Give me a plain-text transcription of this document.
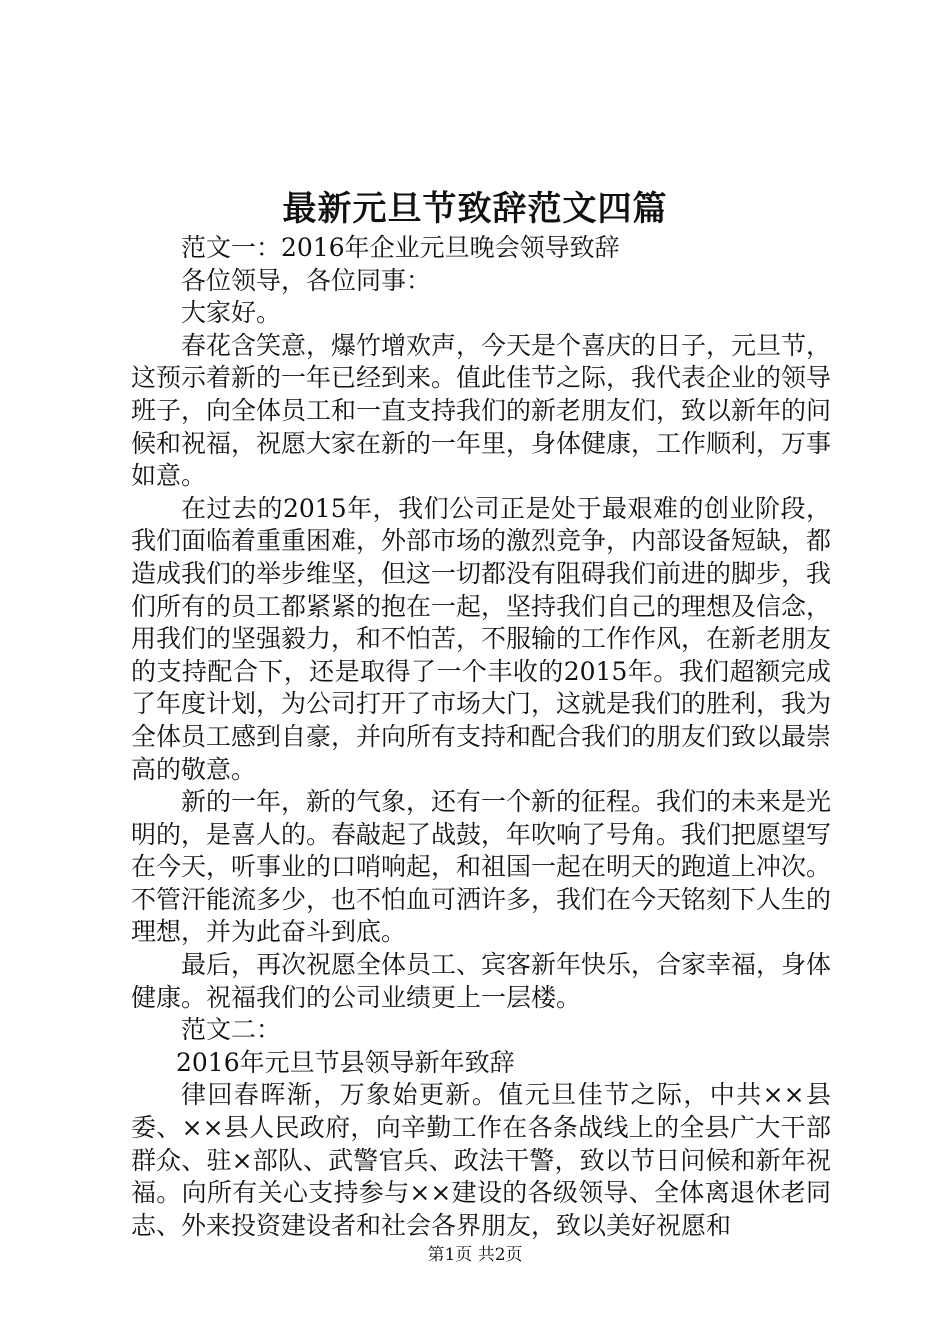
最新元旦节致辞范文四篇

范文一：2016年企业元旦晚会领导致辞

各位领导，各位同事：

大家好。

春花含笑意，爆竹增欢声，今天是个喜庆的日子，元旦节，这预示着新的一年已经到来。值此佳节之际，我代表企业的领导班子，向全体员工和一直支持我们的新老朋友们，致以新年的问候和祝福，祝愿大家在新的一年里，身体健康，工作顺利，万事如意。

在过去的2015年，我们公司正是处于最艰难的创业阶段，我们面临着重重困难，外部市场的激烈竞争，内部设备短缺，都造成我们的举步维坚，但这一切都没有阻碍我们前进的脚步，我们所有的员工都紧紧的抱在一起，坚持我们自己的理想及信念，用我们的坚强毅力，和不怕苦，不服输的工作作风，在新老朋友的支持配合下，还是取得了一个丰收的2015年。我们超额完成了年度计划，为公司打开了市场大门，这就是我们的胜利，我为全体员工感到自豪，并向所有支持和配合我们的朋友们致以最崇高的敬意。

新的一年，新的气象，还有一个新的征程。我们的未来是光明的，是喜人的。春敲起了战鼓，年吹响了号角。我们把愿望写在今天，听事业的口哨响起，和祖国一起在明天的跑道上冲次。不管汗能流多少，也不怕血可洒许多，我们在今天铭刻下人生的理想，并为此奋斗到底。

最后，再次祝愿全体员工、宾客新年快乐，合家幸福，身体健康。祝福我们的公司业绩更上一层楼。

范文二：

2016年元旦节县领导新年致辞

律回春晖渐，万象始更新。值元旦佳节之际，中共××县委、××县人民政府，向辛勤工作在各条战线上的全县广大干部群众、驻×部队、武警官兵、政法干警，致以节日问候和新年祝福。向所有关心支持参与××建设的各级领导、全体离退休老同志、外来投资建设者和社会各界朋友，致以美好祝愿和

第1页 共2页
